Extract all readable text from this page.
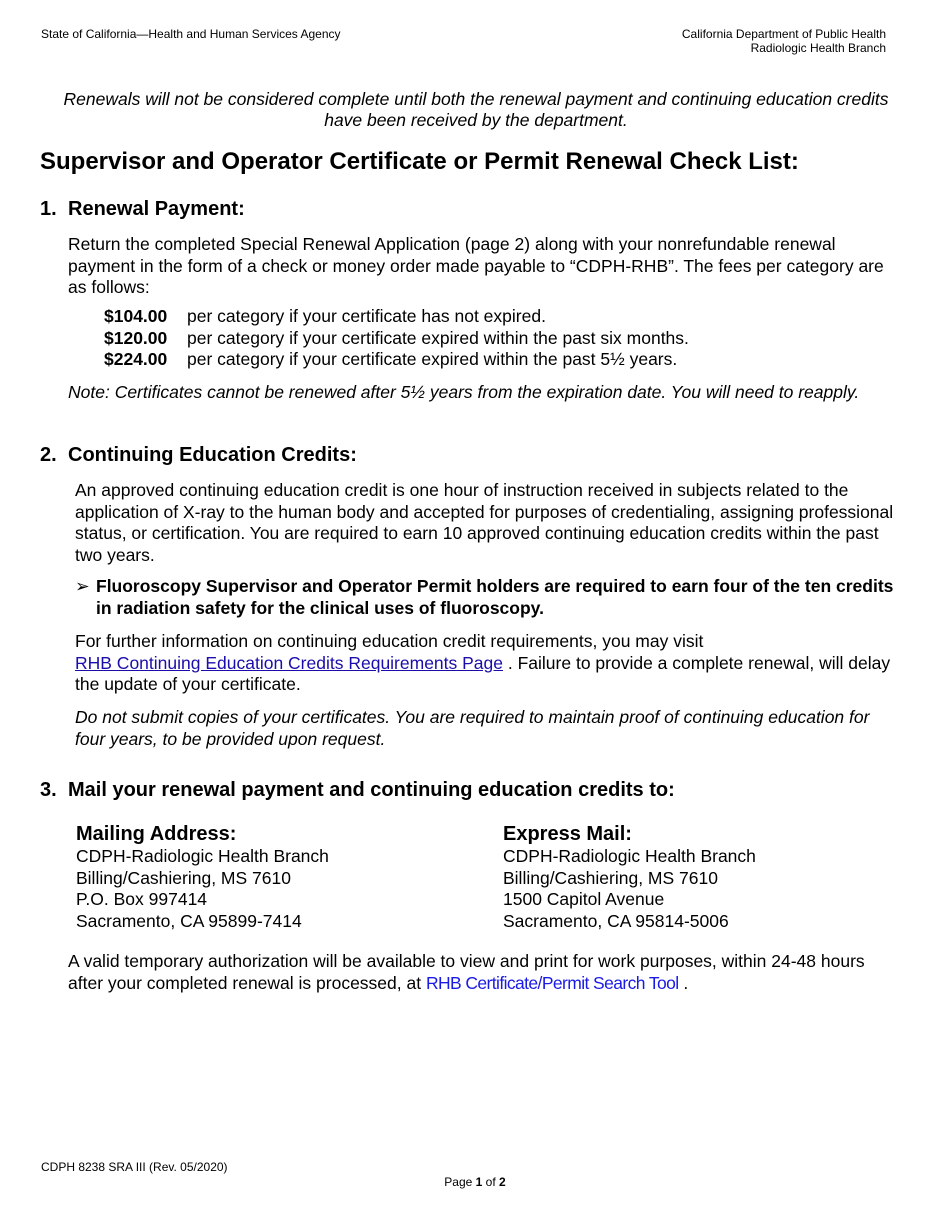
State of California—Health and Human Services Agency	California Department of Public Health
Radiologic Health Branch
Renewals will not be considered complete until both the renewal payment and continuing education credits have been received by the department.
Supervisor and Operator Certificate or Permit Renewal Check List:
1. Renewal Payment:

Return the completed Special Renewal Application (page 2) along with your nonrefundable renewal payment in the form of a check or money order made payable to “CDPH-RHB”. The fees per category are as follows:

$104.00 per category if your certificate has not expired.
$120.00 per category if your certificate expired within the past six months.
$224.00 per category if your certificate expired within the past 5½ years.

Note: Certificates cannot be renewed after 5½ years from the expiration date. You will need to reapply.

2. Continuing Education Credits:

An approved continuing education credit is one hour of instruction received in subjects related to the application of X-ray to the human body and accepted for purposes of credentialing, assigning professional status, or certification. You are required to earn 10 approved continuing education credits within the past two years.

➢ Fluoroscopy Supervisor and Operator Permit holders are required to earn four of the ten credits in radiation safety for the clinical uses of fluoroscopy.

For further information on continuing education credit requirements, you may visit
RHB Continuing Education Credits Requirements Page . Failure to provide a complete renewal, will delay the update of your certificate.

Do not submit copies of your certificates. You are required to maintain proof of continuing education for four years, to be provided upon request.

3. Mail your renewal payment and continuing education credits to:
Mailing Address:
CDPH-Radiologic Health Branch
Billing/Cashiering, MS 7610
P.O. Box 997414
Sacramento, CA 95899-7414
Express Mail:
CDPH-Radiologic Health Branch
Billing/Cashiering, MS 7610
1500 Capitol Avenue
Sacramento, CA 95814-5006

A valid temporary authorization will be available to view and print for work purposes, within 24-48 hours after your completed renewal is processed, at RHB Certificate/Permit Search Tool .

CDPH 8238 SRA III (Rev. 05/2020)
Page 1 of 2
